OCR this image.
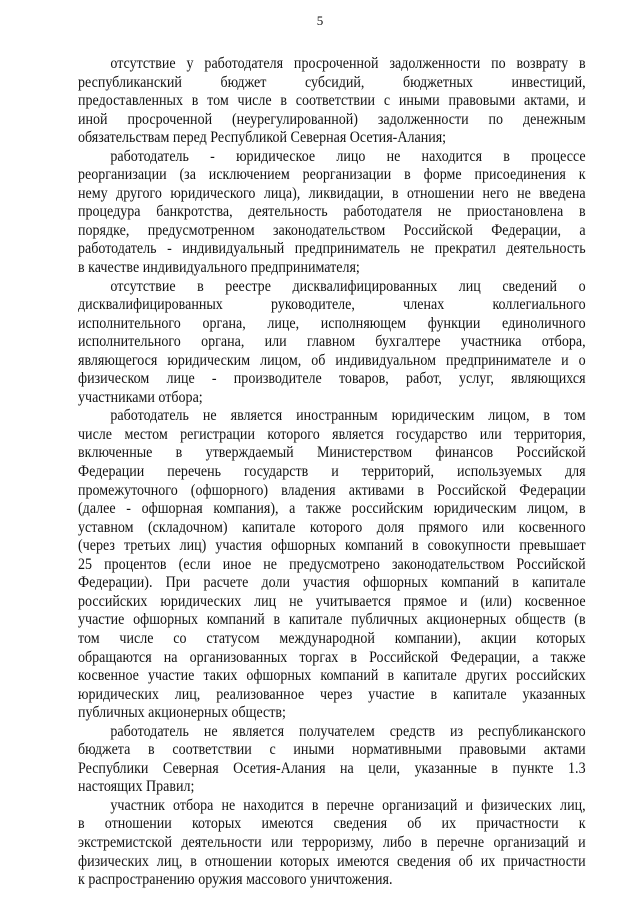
5
отсутствие у работодателя просроченной задолженности по возврату в
республиканский бюджет субсидий, бюджетных инвестиций,
предоставленных в том числе в соответствии с иными правовыми актами, и
иной просроченной (неурегулированной) задолженности по денежным
обязательствам перед Республикой Северная Осетия-Алания;
работодатель - юридическое лицо не находится в процессе
реорганизации (за исключением реорганизации в форме присоединения к
нему другого юридического лица), ликвидации, в отношении него не введена
процедура банкротства, деятельность работодателя не приостановлена в
порядке, предусмотренном законодательством Российской Федерации, а
работодатель - индивидуальный предприниматель не прекратил деятельность
в качестве индивидуального предпринимателя;
отсутствие в реестре дисквалифицированных лиц сведений о
дисквалифицированных руководителе, членах коллегиального
исполнительного органа, лице, исполняющем функции единоличного
исполнительного органа, или главном бухгалтере участника отбора,
являющегося юридическим лицом, об индивидуальном предпринимателе и о
физическом лице - производителе товаров, работ, услуг, являющихся
участниками отбора;
работодатель не является иностранным юридическим лицом, в том
числе местом регистрации которого является государство или территория,
включенные в утверждаемый Министерством финансов Российской
Федерации перечень государств и территорий, используемых для
промежуточного (офшорного) владения активами в Российской Федерации
(далее - офшорная компания), а также российским юридическим лицом, в
уставном (складочном) капитале которого доля прямого или косвенного
(через третьих лиц) участия офшорных компаний в совокупности превышает
25 процентов (если иное не предусмотрено законодательством Российской
Федерации). При расчете доли участия офшорных компаний в капитале
российских юридических лиц не учитывается прямое и (или) косвенное
участие офшорных компаний в капитале публичных акционерных обществ (в
том числе со статусом международной компании), акции которых
обращаются на организованных торгах в Российской Федерации, а также
косвенное участие таких офшорных компаний в капитале других российских
юридических лиц, реализованное через участие в капитале указанных
публичных акционерных обществ;
работодатель не является получателем средств из республиканского
бюджета в соответствии с иными нормативными правовыми актами
Республики Северная Осетия-Алания на цели, указанные в пункте 1.3
настоящих Правил;
участник отбора не находится в перечне организаций и физических лиц,
в отношении которых имеются сведения об их причастности к
экстремистской деятельности или терроризму, либо в перечне организаций и
физических лиц, в отношении которых имеются сведения об их причастности
к распространению оружия массового уничтожения.
